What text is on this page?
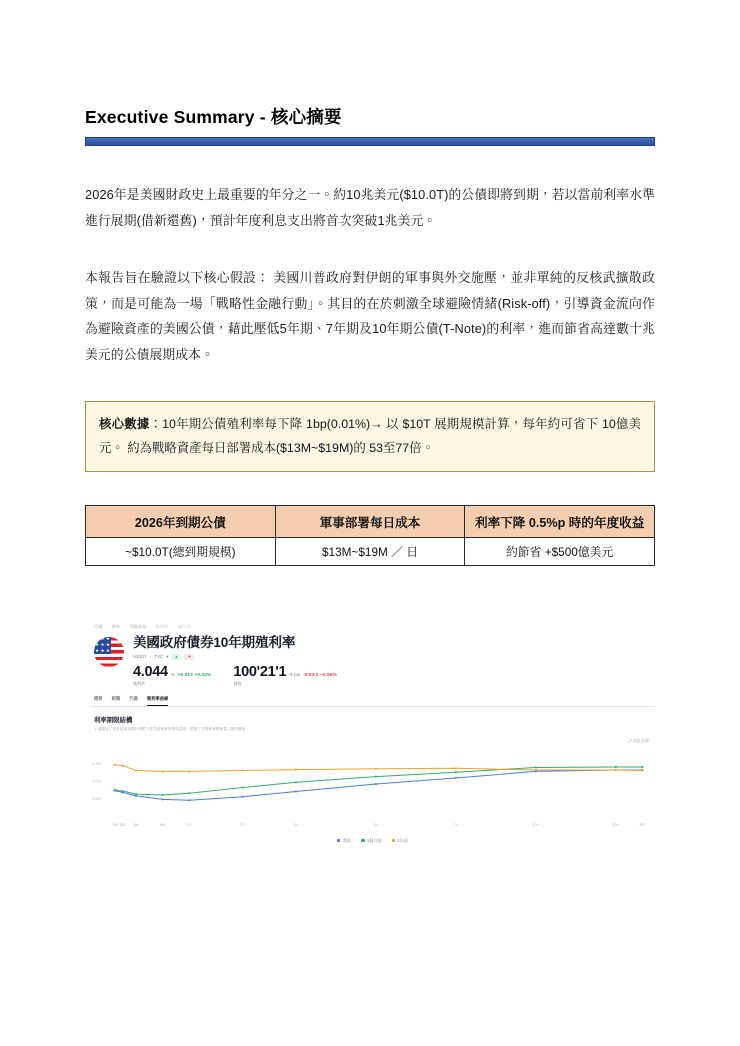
Executive Summary - 核心摘要

2026年是美國財政史上最重要的年分之一。約10兆美元($10.0T)的公債即將到期，若以當前利率水準進行展期(借新還舊)，預計年度利息支出將首次突破1兆美元。

本報告旨在驗證以下核心假設： 美國川普政府對伊朗的軍事與外交施壓，並非單純的反核武擴散政策，而是可能為一場「戰略性金融行動」。其目的在於刺激全球避險情緒(Risk-off)，引導資金流向作為避險資產的美國公債，藉此壓低5年期、7年期及10年期公債(T-Note)的利率，進而節省高達數十兆美元的公債展期成本。

核心數據：10年期公債殖利率每下降 1bp(0.01%)→ 以 $10T 展期規模計算，每年約可省下 10億美元。 約為戰略資產每日部署成本($13M~$19M)的 53至77倍。

2026年到期公債	軍事部署每日成本	利率下降 0.5%p 時的年度收益
~$10.0T(總到期規模)	$13M~$19M ／ 日	約節省 +$500億美元
市場 債券 美國債券 殖利率 10年期
★ ★ ★
★ ★ ★
★ ★ ★
美國政府債券10年期殖利率
US10Y · TVC ▾	▲	▼
4.044 % +0.013 +0.32%
殖利率
100'21'1 % par -0'03'1 −0.50%
價格
概要 新聞 代碼 殖利率曲線
利率期限結構
下面圖表了您在當前到期日界限下看見殖利率的變化量別，是除了升降利率變動量之間的關係。
⤢ 最近更新
3.6%
4.0%
4.4%
1M 2M 3M	6M	1Y	2Y	3Y	5Y	7Y	10Y	20Y	30Y
當前	1個月前	1年前
